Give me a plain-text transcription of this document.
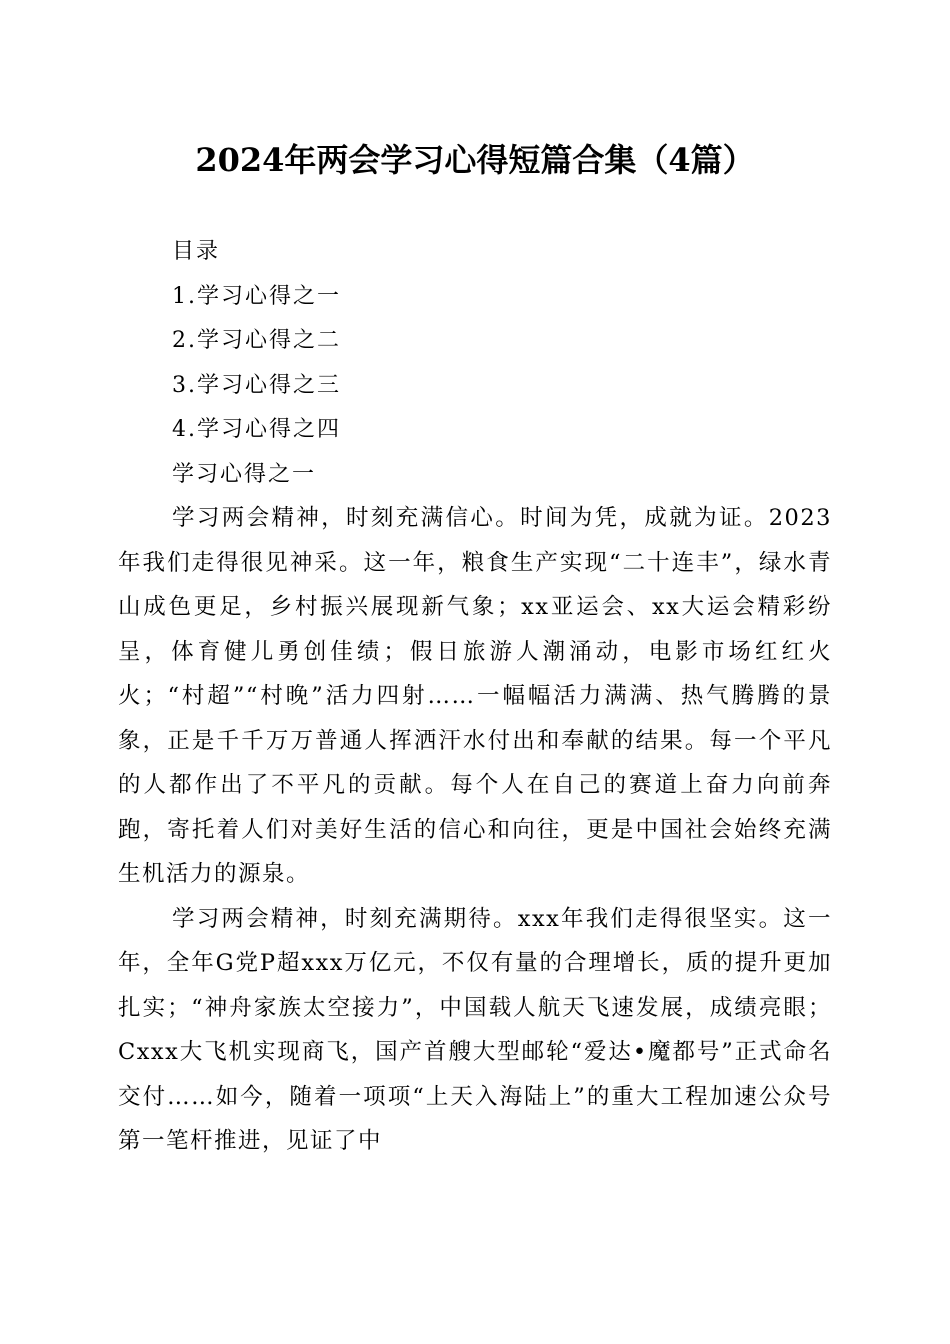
2024年两会学习心得短篇合集（4篇）
目录
1.学习心得之一
2.学习心得之二
3.学习心得之三
4.学习心得之四
学习心得之一

学习两会精神，时刻充满信心。时间为凭，成就为证。2023年我们走得很见神采。这一年，粮食生产实现“二十连丰”，绿水青山成色更足，乡村振兴展现新气象；xx亚运会、xx大运会精彩纷呈，体育健儿勇创佳绩；假日旅游人潮涌动，电影市场红红火火；“村超”“村晚”活力四射……一幅幅活力满满、热气腾腾的景象，正是千千万万普通人挥洒汗水付出和奉献的结果。每一个平凡的人都作出了不平凡的贡献。每个人在自己的赛道上奋力向前奔跑，寄托着人们对美好生活的信心和向往，更是中国社会始终充满生机活力的源泉。

学习两会精神，时刻充满期待。xxx年我们走得很坚实。这一年，全年G党P超xxx万亿元，不仅有量的合理增长，质的提升更加扎实；“神舟家族太空接力”，中国载人航天飞速发展，成绩亮眼；Cxxx大飞机实现商飞，国产首艘大型邮轮“爱达•魔都号”正式命名交付……如今，随着一项项“上天入海陆上”的重大工程加速公众号第一笔杆推进，见证了中
